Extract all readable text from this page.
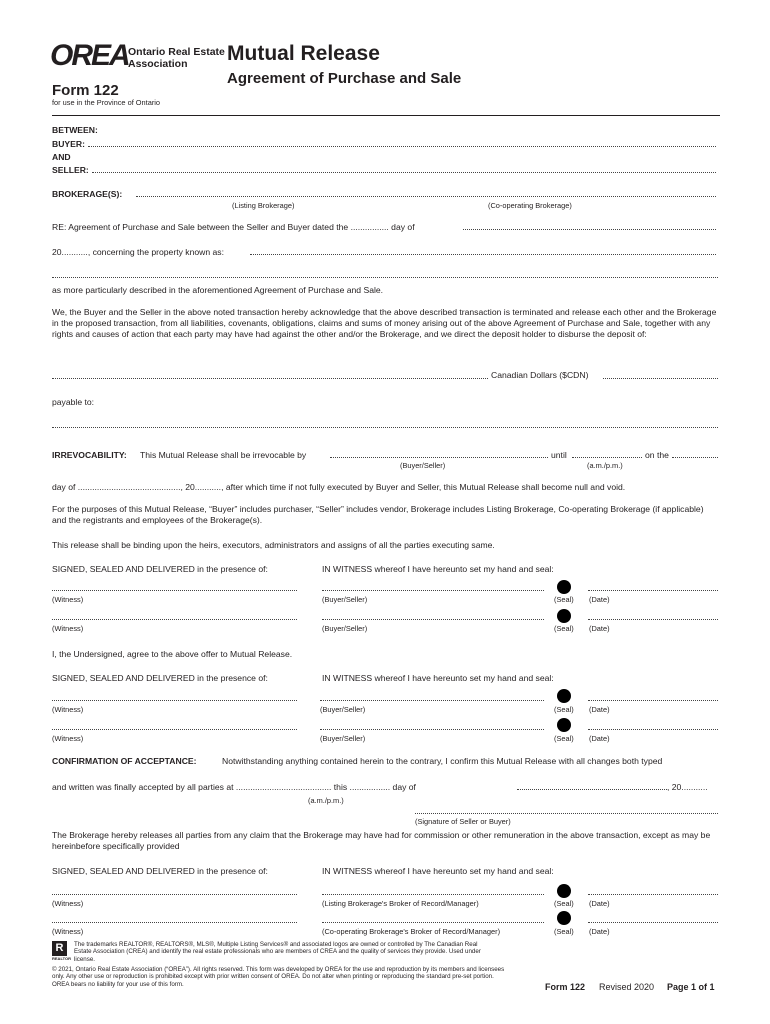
OREA Ontario Real Estate
Association Mutual Release
Agreement of Purchase and Sale
Form 122
for use in the Province of Ontario
BETWEEN:
BUYER:
AND
SELLER:
BROKERAGE(S):
(Listing Brokerage)	(Co-operating Brokerage)
RE: Agreement of Purchase and Sale between the Seller and Buyer dated the ................ day of
20..........., concerning the property known as:
as more particularly described in the aforementioned Agreement of Purchase and Sale.
We, the Buyer and the Seller in the above noted transaction hereby acknowledge that the above described transaction is terminated and release each other and the Brokerage in the proposed transaction, from all liabilities, covenants, obligations, claims and sums of money arising out of the above Agreement of Purchase and Sale, together with any rights and causes of action that each party may have had against the other and/or the Brokerage, and we direct the deposit holder to disburse the deposit of:
Canadian Dollars ($CDN)
payable to:
IRREVOCABILITY: This Mutual Release shall be irrevocable by	until	on the
(Buyer/Seller)	(a.m./p.m.)
day of ..........................................., 20..........., after which time if not fully executed by Buyer and Seller, this Mutual Release shall become null and void.
For the purposes of this Mutual Release, “Buyer” includes purchaser, “Seller” includes vendor, Brokerage includes Listing Brokerage, Co-operating Brokerage (if applicable) and the registrants and employees of the Brokerage(s).
This release shall be binding upon the heirs, executors, administrators and assigns of all the parties executing same.
SIGNED, SEALED AND DELIVERED in the presence of:	IN WITNESS whereof I have hereunto set my hand and seal:
(Witness)	(Buyer/Seller)	(Seal) (Date)
(Witness)	(Buyer/Seller)	(Seal) (Date)
I, the Undersigned, agree to the above offer to Mutual Release.
SIGNED, SEALED AND DELIVERED in the presence of:	IN WITNESS whereof I have hereunto set my hand and seal:
(Witness)	(Buyer/Seller)	(Seal) (Date)
(Witness)	(Buyer/Seller)	(Seal) (Date)
CONFIRMATION OF ACCEPTANCE:	Notwithstanding anything contained herein to the contrary, I confirm this Mutual Release with all changes both typed
and written was finally accepted by all parties at ........................................ this ................. day of	, 20...........
(a.m./p.m.)
(Signature of Seller or Buyer)
The Brokerage hereby releases all parties from any claim that the Brokerage may have had for commission or other remuneration in the above transaction, except as may be hereinbefore specifically provided
SIGNED, SEALED AND DELIVERED in the presence of:	IN WITNESS whereof I have hereunto set my hand and seal:
(Witness)	(Listing Brokerage's Broker of Record/Manager)	(Seal) (Date)
(Witness)	(Co-operating Brokerage's Broker of Record/Manager)	(Seal) (Date)
R
REALTOR
The trademarks REALTOR®, REALTORS®, MLS®, Multiple Listing Services® and associated logos are owned or controlled by The Canadian Real Estate Association (CREA) and identify the real estate professionals who are members of CREA and the quality of services they provide. Used under license.
© 2021, Ontario Real Estate Association (“OREA”). All rights reserved. This form was developed by OREA for the use and reproduction by its members and licensees only. Any other use or reproduction is prohibited except with prior written consent of OREA. Do not alter when printing or reproducing the standard pre-set portion. OREA bears no liability for your use of this form.	Form 122 Revised 2020 Page 1 of 1
